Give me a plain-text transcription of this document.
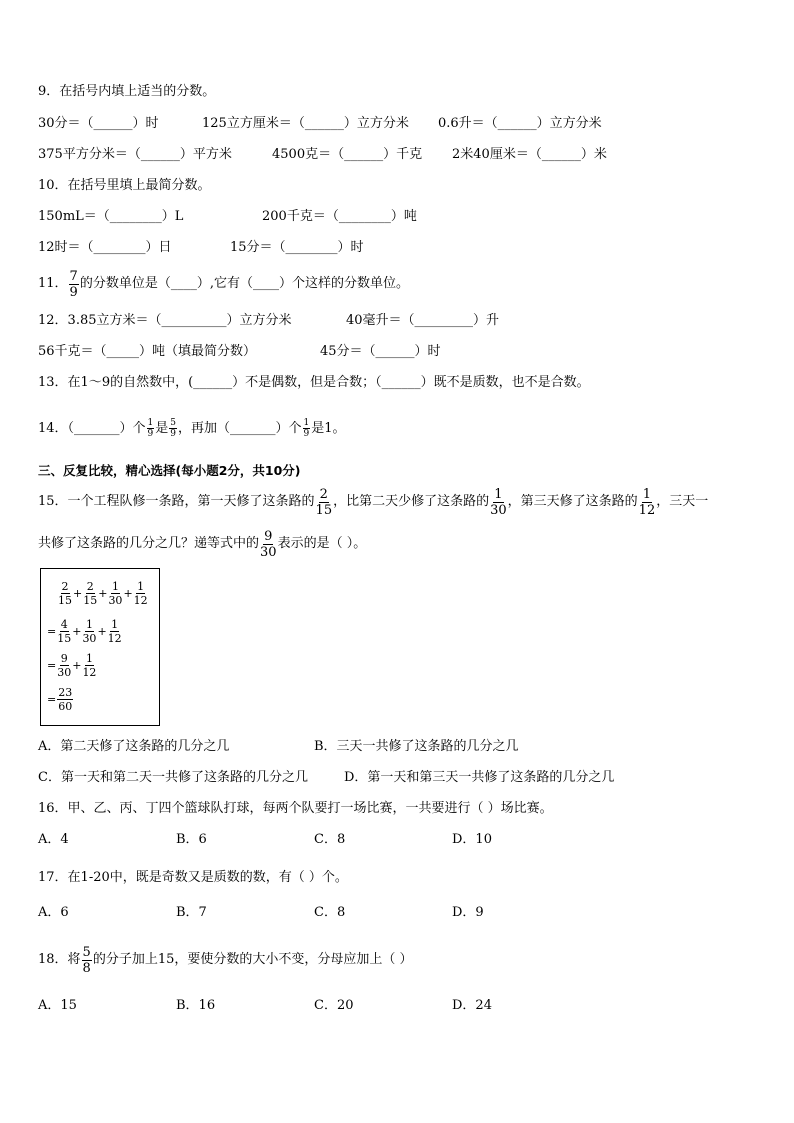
9．在括号内填上适当的分数。
30分＝（______）时	125立方厘米＝（______）立方分米 0.6升＝（______）立方分米
375平方分米＝（______）平方米	4500克＝（______）千克 2米40厘米＝（______）米
10．在括号里填上最简分数。
150mL＝（________）L	200千克＝（________）吨
12时＝（________）日	15分＝（________）时
11． $\frac{7}{9}$ 的分数单位是（____）,它有（____）个这样的分数单位。
12．3.85立方米＝（__________）立方分米	40毫升＝（_________）升
56千克＝（_____）吨（填最简分数）	45分＝（______）时
13．在1～9的自然数中，(______）不是偶数，但是合数；（______）既不是质数，也不是合数。
14．（_______）个 $\frac{1}{9}$ 是 $\frac{5}{9}$ ，再加（_______）个 $\frac{1}{9}$ 是1。
三、反复比较，精心选择(每小题2分，共10分)
15．一个工程队修一条路，第一天修了这条路的 $\frac{2}{15}$ ，比第二天少修了这条路的 $\frac{1}{30}$ ，第三天修了这条路的 $\frac{1}{12}$ ，三天一
共修了这条路的几分之几？递等式中的 $\frac{9}{30}$ 表示的是（ ）。
$\frac{2}{15} + \frac{2}{15} + \frac{1}{30} + \frac{1}{12}$
= $\frac{4}{15} + \frac{1}{30} + \frac{1}{12}$
= $\frac{9}{30} + \frac{1}{12}$
= $\frac{23}{60}$
A．第二天修了这条路的几分之几	B．三天一共修了这条路的几分之几
C．第一天和第二天一共修了这条路的几分之几	D．第一天和第三天一共修了这条路的几分之几
16．甲、乙、丙、丁四个篮球队打球，每两个队要打一场比赛，一共要进行（ ）场比赛。
A．4	B．6	C．8	D．10
17．在1-20中，既是奇数又是质数的数，有（ ）个。
A．6	B．7	C．8	D．9
18．将 $\frac{5}{8}$ 的分子加上15，要使分数的大小不变，分母应加上（ ）
A．15	B．16	C．20	D．24
